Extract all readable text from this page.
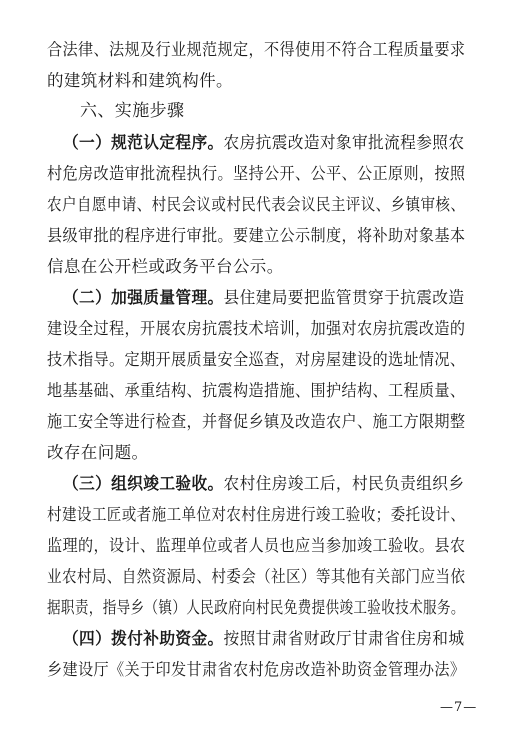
合法律、法规及行业规范规定，不得使用不符合工程质量要求
的建筑材料和建筑构件。
六、实施步骤
（一）规范认定程序。农房抗震改造对象审批流程参照农
村危房改造审批流程执行。坚持公开、公平、公正原则，按照
农户自愿申请、村民会议或村民代表会议民主评议、乡镇审核、
县级审批的程序进行审批。要建立公示制度，将补助对象基本
信息在公开栏或政务平台公示。
（二）加强质量管理。县住建局要把监管贯穿于抗震改造
建设全过程，开展农房抗震技术培训，加强对农房抗震改造的
技术指导。定期开展质量安全巡查，对房屋建设的选址情况、
地基基础、承重结构、抗震构造措施、围护结构、工程质量、
施工安全等进行检查，并督促乡镇及改造农户、施工方限期整
改存在问题。
（三）组织竣工验收。农村住房竣工后，村民负责组织乡
村建设工匠或者施工单位对农村住房进行竣工验收；委托设计、
监理的，设计、监理单位或者人员也应当参加竣工验收。县农
业农村局、自然资源局、村委会（社区）等其他有关部门应当依
据职责，指导乡（镇）人民政府向村民免费提供竣工验收技术服务。
（四）拨付补助资金。按照甘肃省财政厅甘肃省住房和城
乡建设厅《关于印发甘肃省农村危房改造补助资金管理办法》
—7—
